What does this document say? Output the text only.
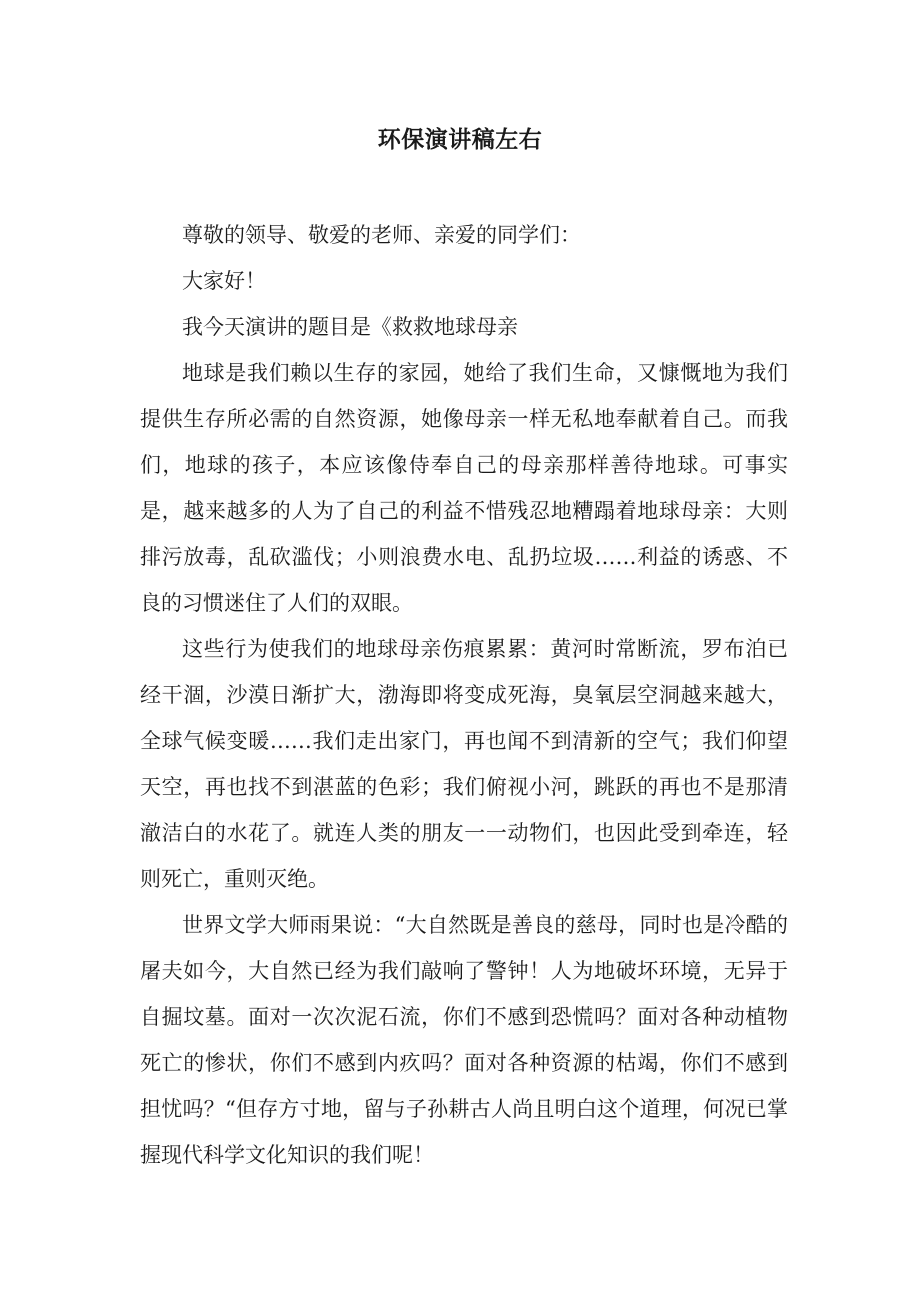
环保演讲稿左右

尊敬的领导、敬爱的老师、亲爱的同学们：

大家好！

我今天演讲的题目是《救救地球母亲

地球是我们赖以生存的家园，她给了我们生命，又慷慨地为我们提供生存所必需的自然资源，她像母亲一样无私地奉献着自己。而我们，地球的孩子，本应该像侍奉自己的母亲那样善待地球。可事实是，越来越多的人为了自己的利益不惜残忍地糟蹋着地球母亲：大则排污放毒，乱砍滥伐；小则浪费水电、乱扔垃圾……利益的诱惑、不良的习惯迷住了人们的双眼。

这些行为使我们的地球母亲伤痕累累：黄河时常断流，罗布泊已经干涸，沙漠日渐扩大，渤海即将变成死海，臭氧层空洞越来越大，全球气候变暖……我们走出家门，再也闻不到清新的空气；我们仰望天空，再也找不到湛蓝的色彩；我们俯视小河，跳跃的再也不是那清澈洁白的水花了。就连人类的朋友一一动物们，也因此受到牵连，轻则死亡，重则灭绝。

世界文学大师雨果说：“大自然既是善良的慈母，同时也是冷酷的屠夫如今，大自然已经为我们敲响了警钟！人为地破坏环境，无异于自掘坟墓。面对一次次泥石流，你们不感到恐慌吗？面对各种动植物死亡的惨状，你们不感到内疚吗？面对各种资源的枯竭，你们不感到担忧吗？“但存方寸地，留与子孙耕古人尚且明白这个道理，何况已掌握现代科学文化知识的我们呢！
